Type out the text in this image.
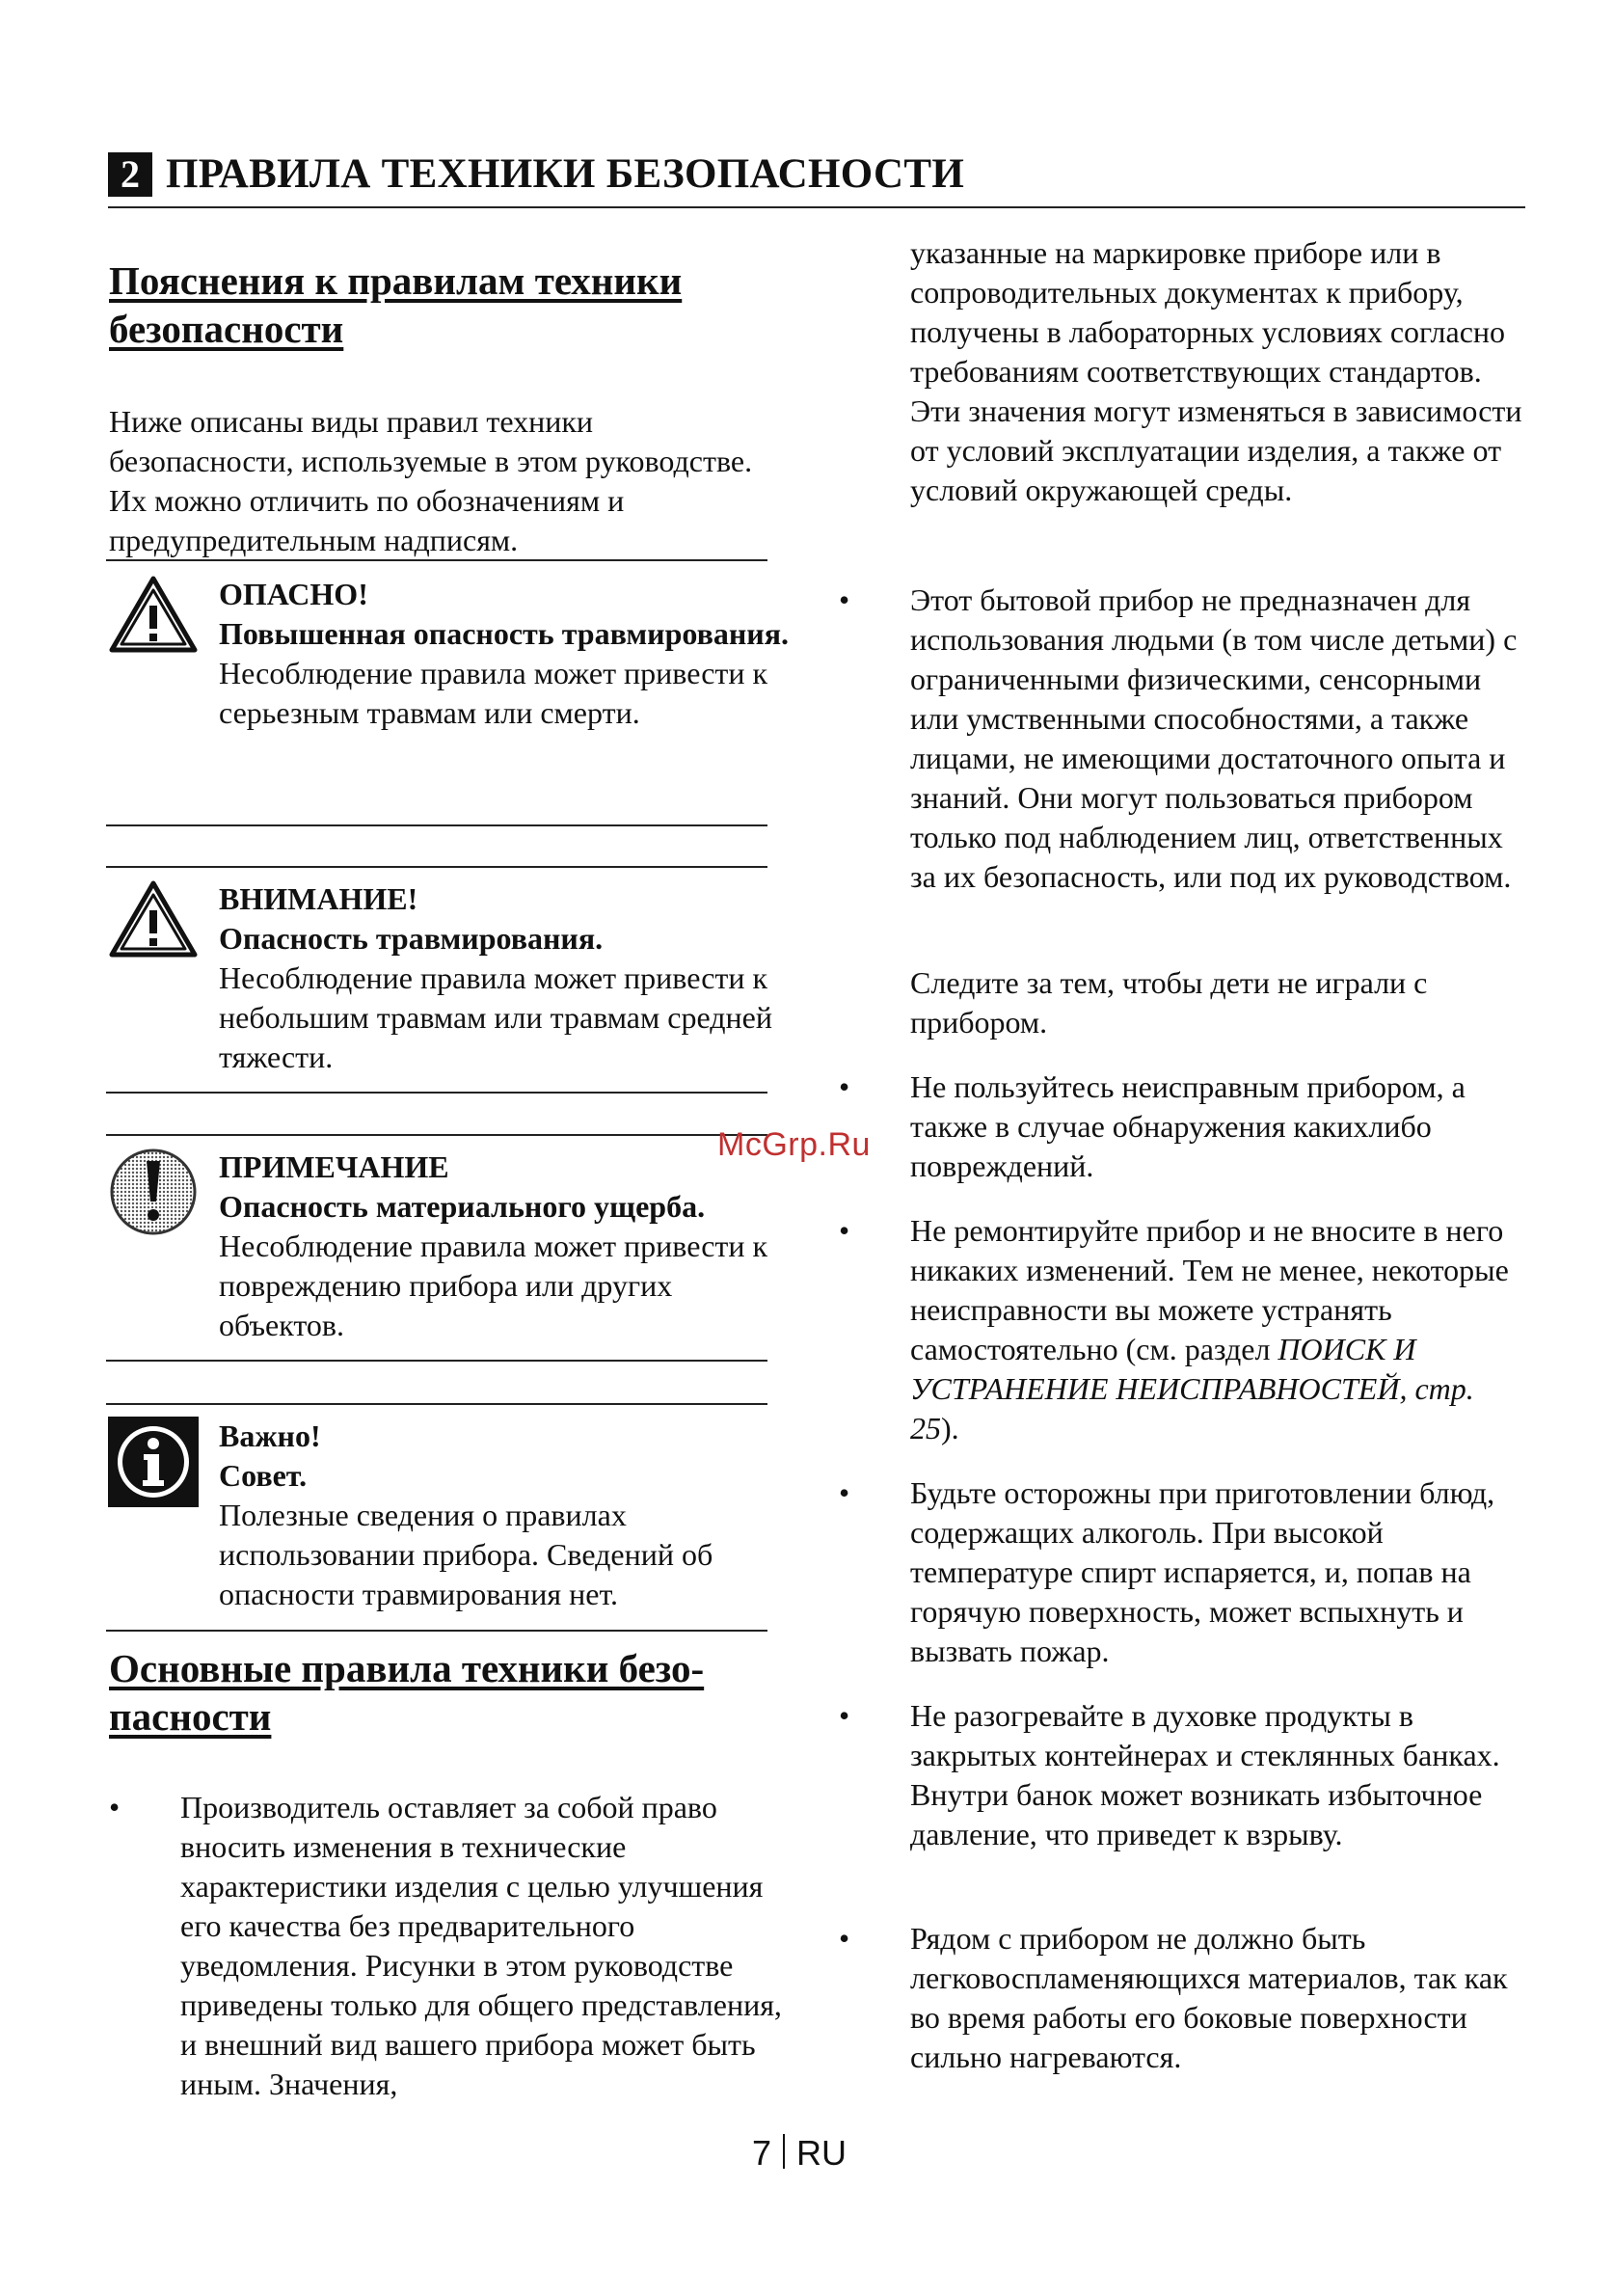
2 ПРАВИЛА ТЕХНИКИ БЕЗОПАСНОСТИ
Пояснения к правилам техники
безопасности
Ниже описаны виды правил техники безопасности, используемые в этом руководстве. Их можно отличить по обозначениям и предупредительным надписям.
ОПАСНО!
Повышенная опасность травмирования.
Несоблюдение правила может привести к серьезным травмам или смерти.
ВНИМАНИЕ!
Опасность травмирования.
Несоблюдение правила может привести к небольшим травмам или травмам средней тяжести.
ПРИМЕЧАНИЕ
Опасность материального ущерба.
Несоблюдение правила может привести к повреждению прибора или других объектов.
Важно!
Совет.
Полезные сведения о правилах использовании прибора. Сведений об опасности травмирования нет.
Основные правила техники безо-
пасности
• Производитель оставляет за собой право вносить изменения в технические характеристики изделия с целью улучшения его качества без предварительного уведомления. Рисунки в этом руководстве приведены только для общего представления, и внешний вид вашего прибора может быть иным. Значения,
указанные на маркировке приборе или в сопроводительных документах к прибору, получены в лабораторных условиях согласно требованиям соответствующих стандартов. Эти значения могут изменяться в зависимости от условий эксплуатации изделия, а также от условий окружающей среды.
• Этот бытовой прибор не предназначен для использования людьми (в том числе детьми) с ограниченными физическими, сенсорными или умственными способностями, а также лицами, не имеющими достаточного опыта и знаний. Они могут пользоваться прибором только под наблюдением лиц, ответственных за их безопасность, или под их руководством.
Следите за тем, чтобы дети не играли с прибором.
• Не пользуйтесь неисправным прибором, а также в случае обнаружения какихлибо повреждений.
• Не ремонтируйте прибор и не вносите в него никаких изменений. Тем не менее, некоторые неисправности вы можете устранять самостоятельно (см. раздел ПОИСК И УСТРАНЕНИЕ НЕИСПРАВНОСТЕЙ, стр. 25).
• Будьте осторожны при приготовлении блюд, содержащих алкоголь. При высокой температуре спирт испаряется, и, попав на горячую поверхность, может вспыхнуть и вызвать пожар.
• Не разогревайте в духовке продукты в закрытых контейнерах и стеклянных банках. Внутри банок может возникать избыточное давление, что приведет к взрыву.
• Рядом с прибором не должно быть легковоспламеняющихся материалов, так как во время работы его боковые поверхности сильно нагреваются.
McGrp.Ru
7 RU
